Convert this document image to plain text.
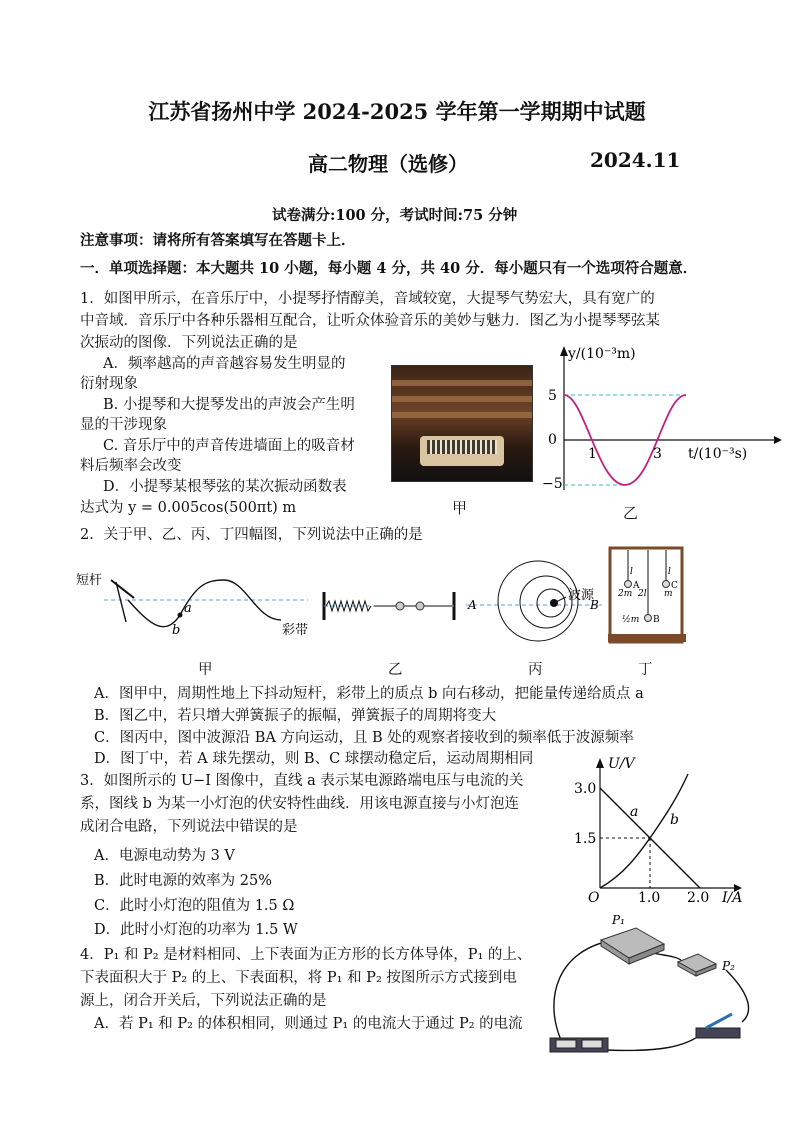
江苏省扬州中学 2024-2025 学年第一学期期中试题
高二物理（选修）	2024.11
试卷满分:100 分，考试时间:75 分钟
注意事项：请将所有答案填写在答题卡上．
一．单项选择题：本大题共 10 小题，每小题 4 分，共 40 分．每小题只有一个选项符合题意．
1．如图甲所示，在音乐厅中，小提琴抒情醇美，音域较宽，大提琴气势宏大，具有宽广的
中音域．音乐厅中各种乐器相互配合，让听众体验音乐的美妙与魅力．图乙为小提琴琴弦某
次振动的图像．下列说法正确的是
A．频率越高的声音越容易发生明显的
衍射现象
B. 小提琴和大提琴发出的声波会产生明
显的干涉现象
C. 音乐厅中的声音传进墙面上的吸音材
料后频率会改变
D．小提琴某根琴弦的某次振动函数表
达式为 y = 0.005cos(500πt) m	甲
y/(10⁻³m)
5
0
−5
1	3 t/(10⁻³s)
乙
2．关于甲、乙、丙、丁四幅图，下列说法中正确的是
短杆
a
b	彩带
A
波源
B
l
A
2m 2l
l
C
m
½m B
甲	乙	丙	丁
A．图甲中，周期性地上下抖动短杆，彩带上的质点 b 向右移动，把能量传递给质点 a
B．图乙中，若只增大弹簧振子的振幅，弹簧振子的周期将变大
C．图丙中，图中波源沿 BA 方向运动，且 B 处的观察者接收到的频率低于波源频率
D．图丁中，若 A 球先摆动，则 B、C 球摆动稳定后，运动周期相同
3．如图所示的 U−I 图像中，直线 a 表示某电源路端电压与电流的关
系，图线 b 为某一小灯泡的伏安特性曲线．用该电源直接与小灯泡连
成闭合电路，下列说法中错误的是
A．电源电动势为 3 V
B．此时电源的效率为 25%
C．此时小灯泡的阻值为 1.5 Ω
D．此时小灯泡的功率为 1.5 W
U/V
3.0
1.5
O	1.0 2.0 I/A
a b
4．P₁ 和 P₂ 是材料相同、上下表面为正方形的长方体导体，P₁ 的上、
下表面积大于 P₂ 的上、下表面积，将 P₁ 和 P₂ 按图所示方式接到电
源上，闭合开关后，下列说法正确的是
A．若 P₁ 和 P₂ 的体积相同，则通过 P₁ 的电流大于通过 P₂ 的电流
P₁
P₂
